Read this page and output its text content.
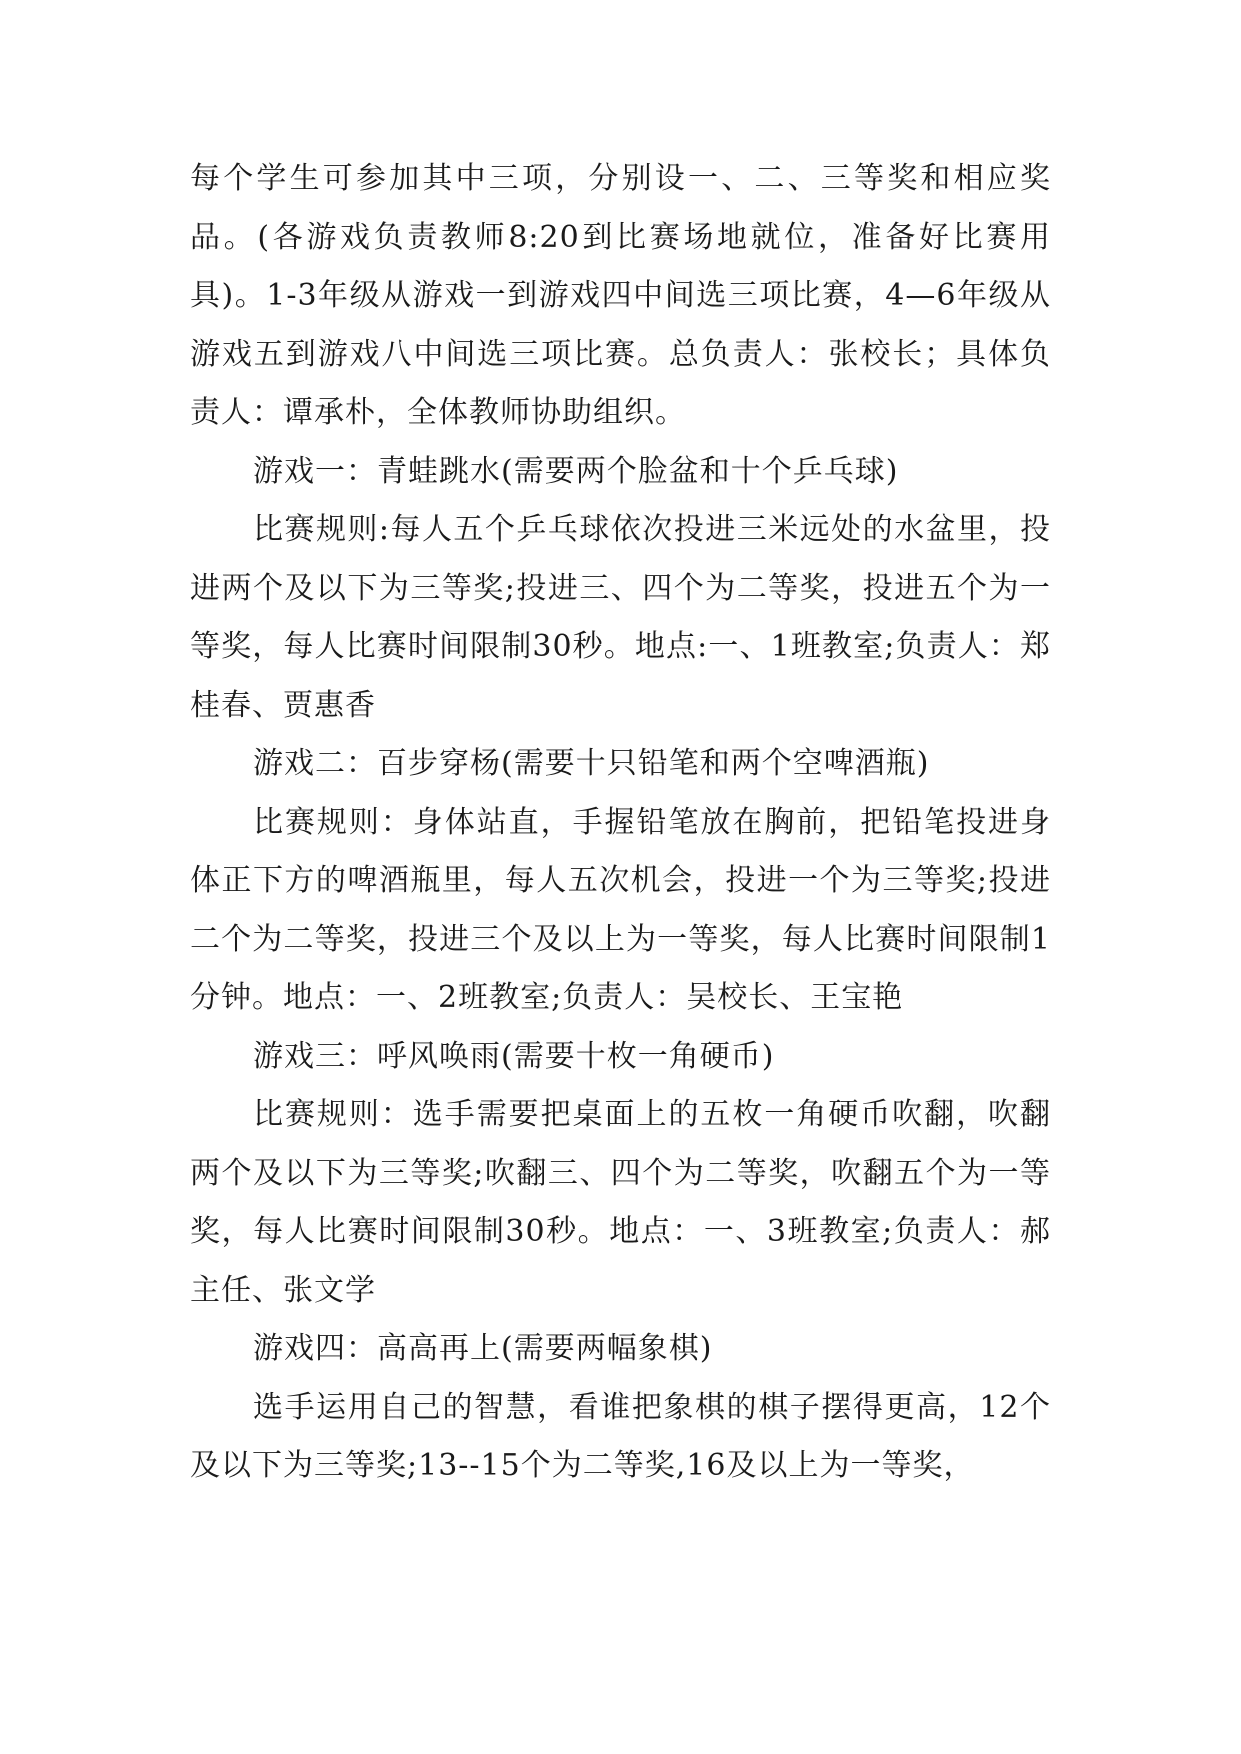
每个学生可参加其中三项，分别设一、二、三等奖和相应奖品。(各游戏负责教师8:20到比赛场地就位，准备好比赛用具)。1-3年级从游戏一到游戏四中间选三项比赛，4—6年级从游戏五到游戏八中间选三项比赛。总负责人：张校长；具体负责人：谭承朴，全体教师协助组织。

游戏一：青蛙跳水(需要两个脸盆和十个乒乓球)

比赛规则:每人五个乒乓球依次投进三米远处的水盆里，投进两个及以下为三等奖;投进三、四个为二等奖，投进五个为一等奖，每人比赛时间限制30秒。地点:一、1班教室;负责人：郑桂春、贾惠香

游戏二：百步穿杨(需要十只铅笔和两个空啤酒瓶)

比赛规则：身体站直，手握铅笔放在胸前，把铅笔投进身体正下方的啤酒瓶里，每人五次机会，投进一个为三等奖;投进二个为二等奖，投进三个及以上为一等奖，每人比赛时间限制1分钟。地点：一、2班教室;负责人：吴校长、王宝艳

游戏三：呼风唤雨(需要十枚一角硬币)

比赛规则：选手需要把桌面上的五枚一角硬币吹翻，吹翻两个及以下为三等奖;吹翻三、四个为二等奖，吹翻五个为一等奖，每人比赛时间限制30秒。地点：一、3班教室;负责人：郝主任、张文学

游戏四：高高再上(需要两幅象棋)

选手运用自己的智慧，看谁把象棋的棋子摆得更高，12个及以下为三等奖;13--15个为二等奖,16及以上为一等奖，
